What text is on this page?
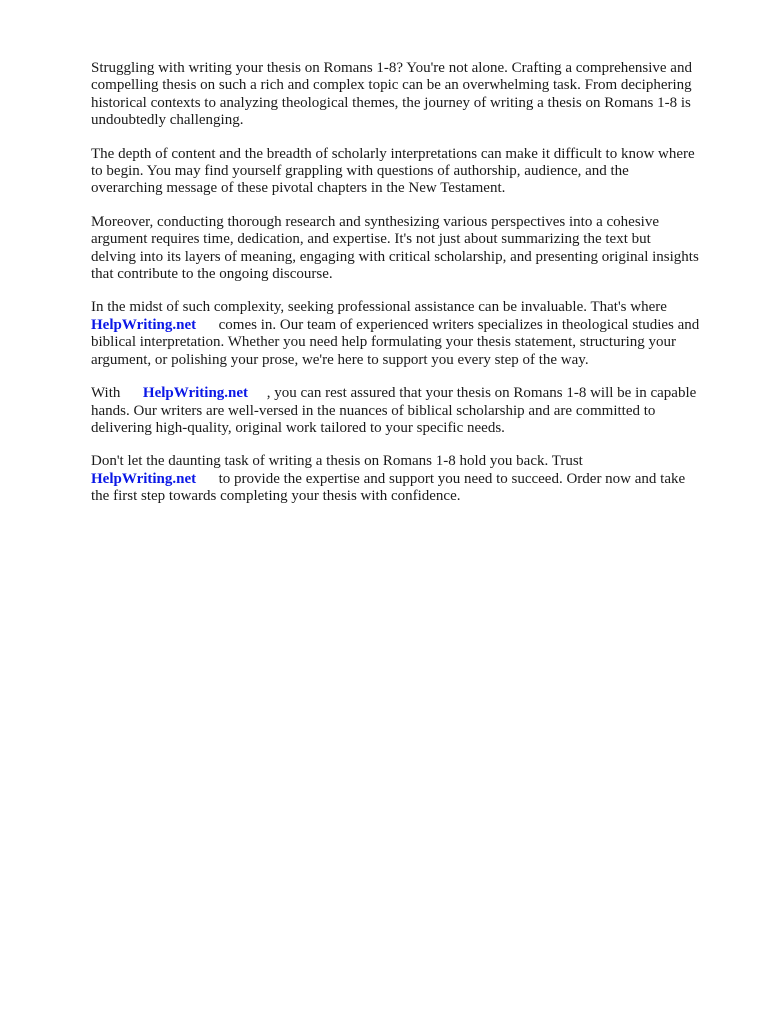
Struggling with writing your thesis on Romans 1-8? You're not alone. Crafting a comprehensive and
compelling thesis on such a rich and complex topic can be an overwhelming task. From deciphering
historical contexts to analyzing theological themes, the journey of writing a thesis on Romans 1-8 is
undoubtedly challenging.

The depth of content and the breadth of scholarly interpretations can make it difficult to know where
to begin. You may find yourself grappling with questions of authorship, audience, and the
overarching message of these pivotal chapters in the New Testament.

Moreover, conducting thorough research and synthesizing various perspectives into a cohesive
argument requires time, dedication, and expertise. It's not just about summarizing the text but
delving into its layers of meaning, engaging with critical scholarship, and presenting original insights
that contribute to the ongoing discourse.

In the midst of such complexity, seeking professional assistance can be invaluable. That's where
HelpWriting.net      comes in. Our team of experienced writers specializes in theological studies and
biblical interpretation. Whether you need help formulating your thesis statement, structuring your
argument, or polishing your prose, we're here to support you every step of the way.

With      HelpWriting.net     , you can rest assured that your thesis on Romans 1-8 will be in capable
hands. Our writers are well-versed in the nuances of biblical scholarship and are committed to
delivering high-quality, original work tailored to your specific needs.

Don't let the daunting task of writing a thesis on Romans 1-8 hold you back. Trust
HelpWriting.net      to provide the expertise and support you need to succeed. Order now and take
the first step towards completing your thesis with confidence.
